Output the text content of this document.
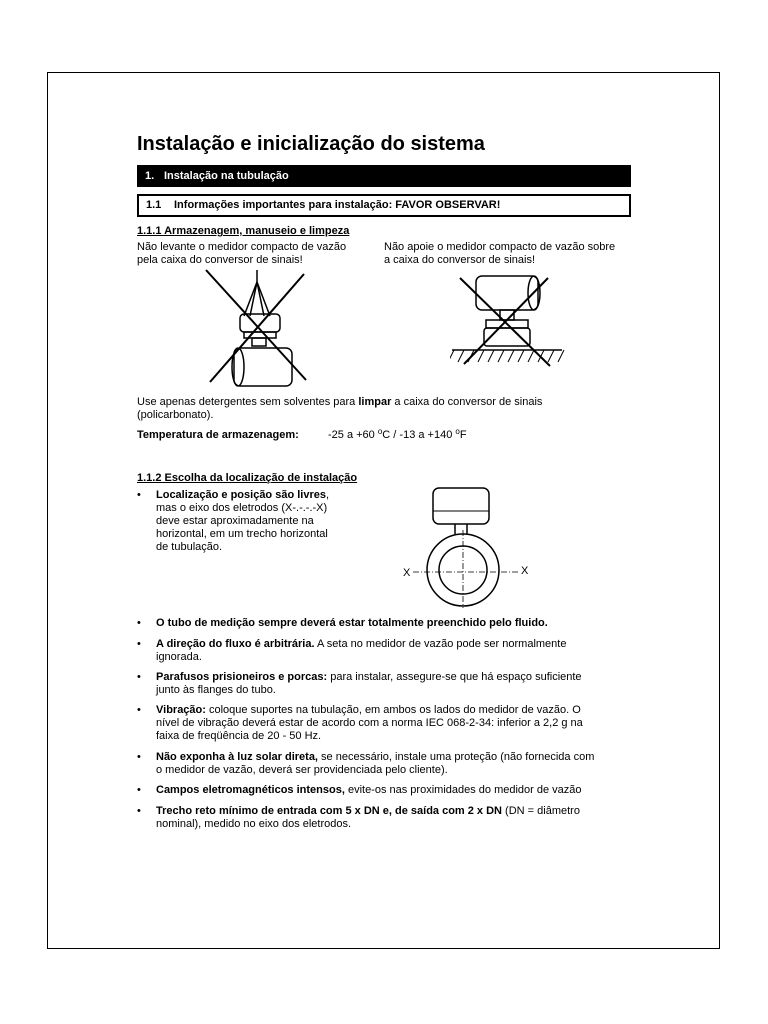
Instalação e inicialização do sistema
1. Instalação na tubulação
1.1 Informações importantes para instalação: FAVOR OBSERVAR!
1.1.1 Armazenagem, manuseio e limpeza
Não levante o medidor compacto de vazão
pela caixa do conversor de sinais!
Não apoie o medidor compacto de vazão sobre
a caixa do conversor de sinais!
Use apenas detergentes sem solventes para limpar a caixa do conversor de sinais
(policarbonato).
Temperatura de armazenagem:	-25 a +60 $^o$C / -13 a +140 $^o$F
1.1.2 Escolha da localização de instalação
• Localização e posição são livres,
mas o eixo dos eletrodos (X-.-.-.-X)
deve estar aproximadamente na
horizontal, em um trecho horizontal
de tubulação.
X	X
• O tubo de medição sempre deverá estar totalmente preenchido pelo fluido.
• A direção do fluxo é arbitrária. A seta no medidor de vazão pode ser normalmente
ignorada.
• Parafusos prisioneiros e porcas: para instalar, assegure-se que há espaço suficiente
junto às flanges do tubo.
• Vibração: coloque suportes na tubulação, em ambos os lados do medidor de vazão. O
nível de vibração deverá estar de acordo com a norma IEC 068-2-34: inferior a 2,2 g na
faixa de freqüência de 20 - 50 Hz.
• Não exponha à luz solar direta, se necessário, instale uma proteção (não fornecida com
o medidor de vazão, deverá ser providenciada pelo cliente).
• Campos eletromagnéticos intensos, evite-os nas proximidades do medidor de vazão
• Trecho reto mínimo de entrada com 5 x DN e, de saída com 2 x DN (DN = diâmetro
nominal), medido no eixo dos eletrodos.
